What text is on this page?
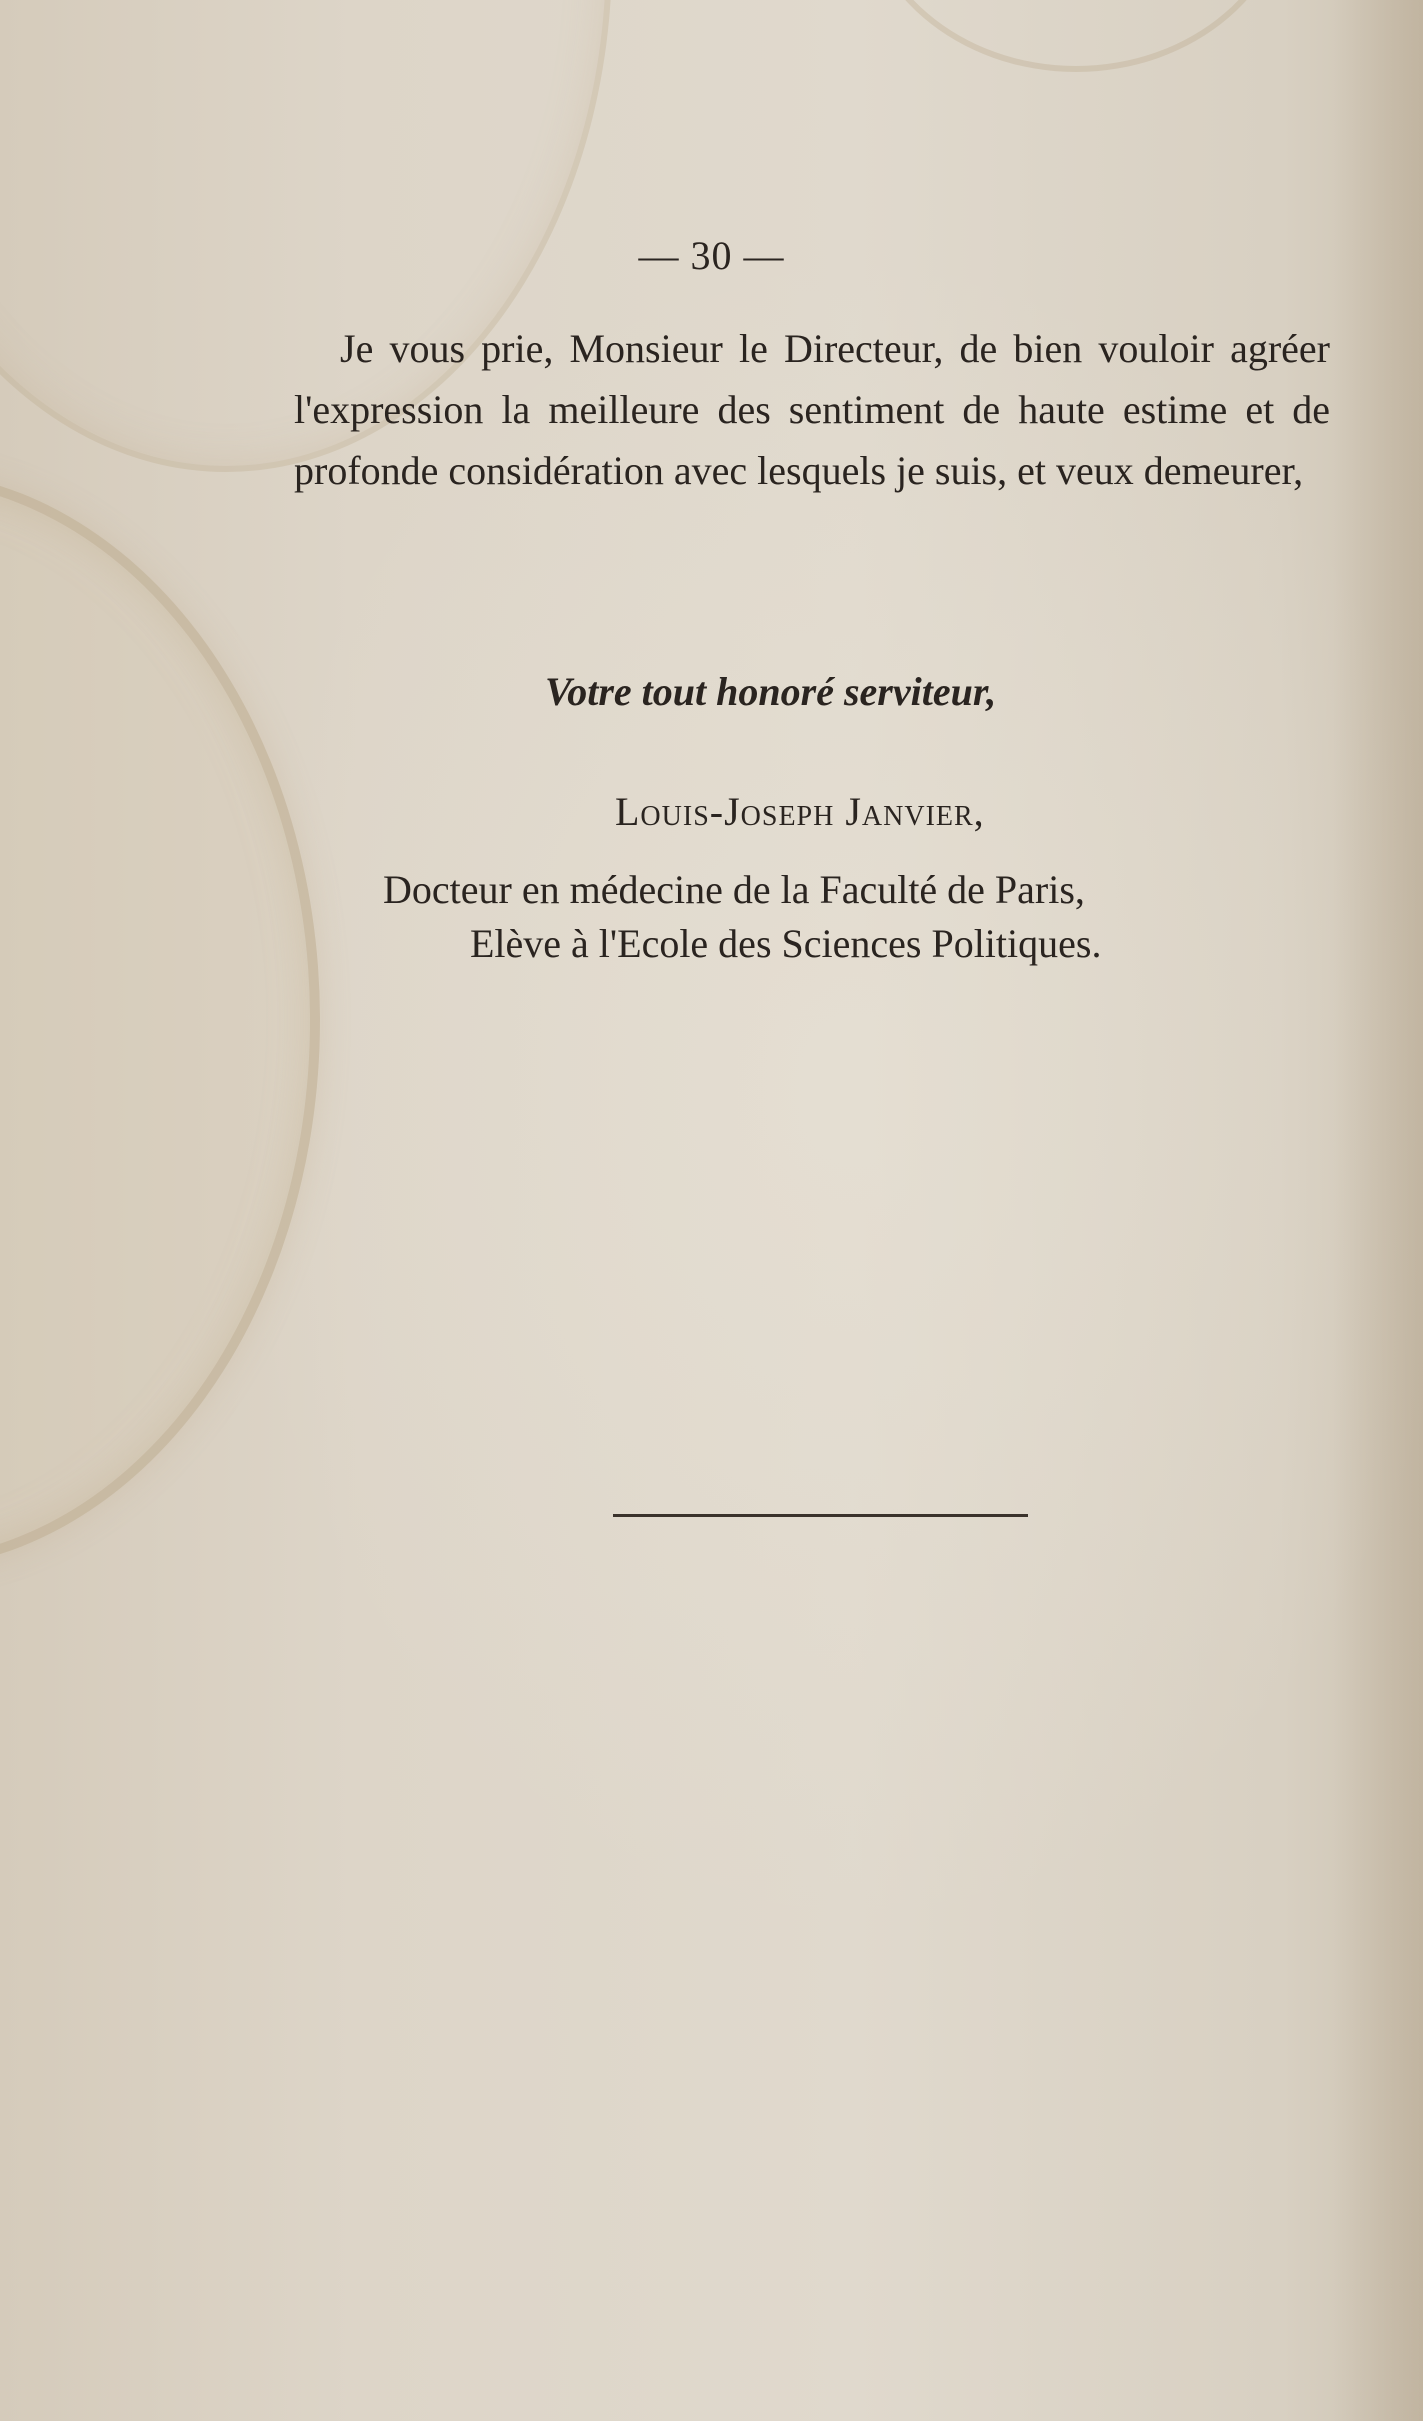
— 30 —

Je vous prie, Monsieur le Directeur, de bien vouloir agréer l'expression la meilleure des sentiment de haute estime et de profonde considération avec lesquels je suis, et veux demeurer,

Votre tout honoré serviteur,
Louis-Joseph Janvier,
Docteur en médecine de la Faculté de Paris,
Elève à l'Ecole des Sciences Politiques.
